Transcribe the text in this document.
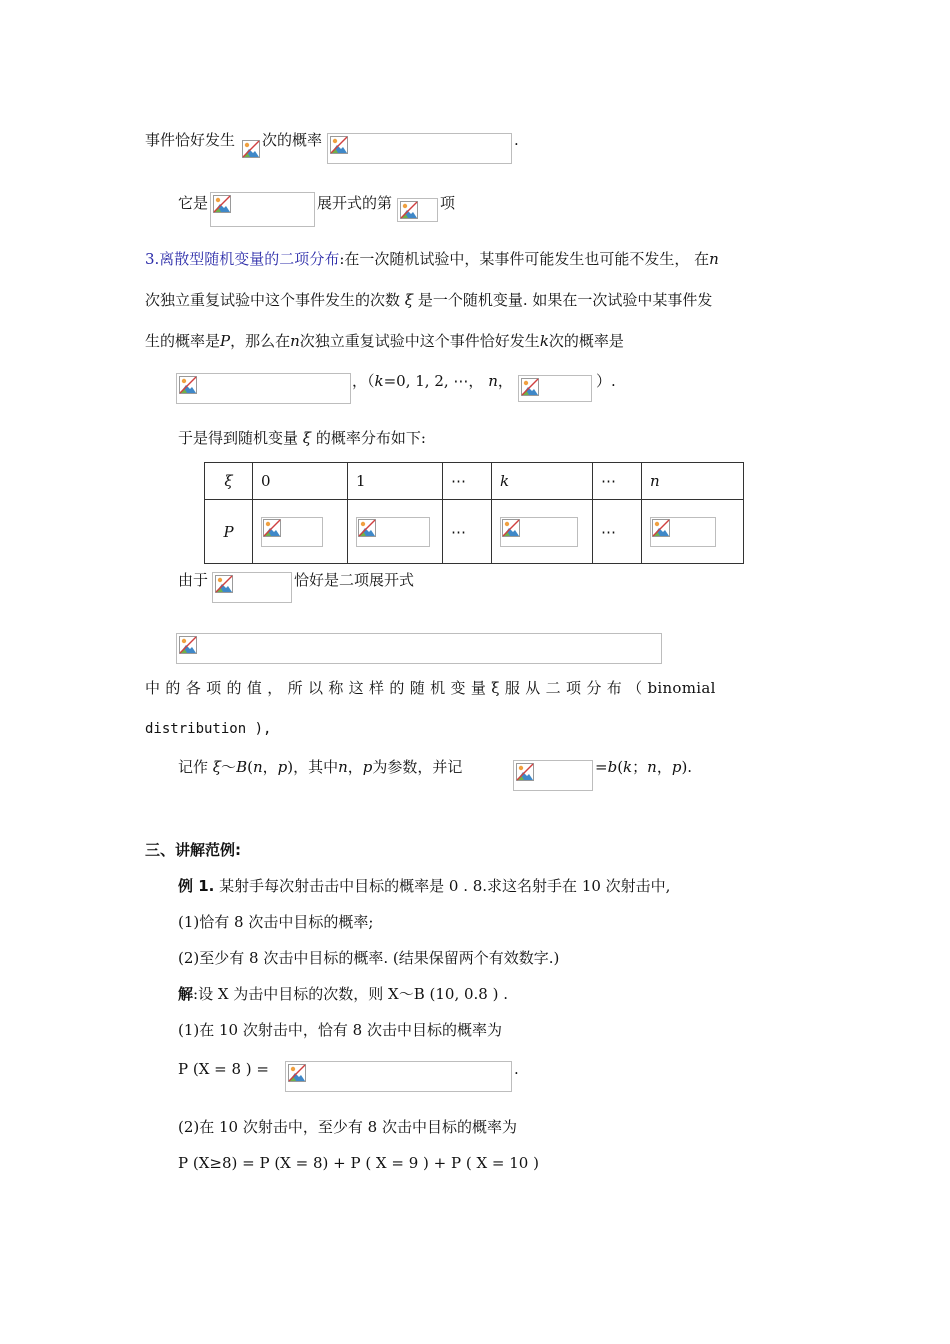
事件恰好发生 次的概率	.
它是	展开式的第	项
3.离散型随机变量的二项分布:在一次随机试验中，某事件可能发生也可能不发生， 在n
次独立重复试验中这个事件发生的次数 ξ 是一个随机变量. 如果在一次试验中某事件发
生的概率是P，那么在n次独立重复试验中这个事件恰好发生k次的概率是
，（k=0, 1, 2, ⋯， n，	）.
于是得到随机变量 ξ 的概率分布如下:
ξ	0	1	⋯	k	⋯	n
P			⋯		⋯	
由于	恰好是二项展开式
中 的 各 项 的 值 ， 所 以 称 这 样 的 随 机 变 量 ξ 服 从 二 项 分 布 （ binomial
distribution ),
记作 ξ～B(n，p)，其中n，p为参数，并记	=b(k；n，p).
三、讲解范例:
例 1. 某射手每次射击击中目标的概率是 0 . 8.求这名射手在 10 次射击中,
(1)恰有 8 次击中目标的概率;
(2)至少有 8 次击中目标的概率. (结果保留两个有效数字.)
解:设 X 为击中目标的次数，则 X～B (10, 0.8 ) .
(1)在 10 次射击中，恰有 8 次击中目标的概率为
P (X = 8 ) =	.
(2)在 10 次射击中，至少有 8 次击中目标的概率为
P (X≥8) = P (X = 8) + P ( X = 9 ) + P ( X = 10 )
